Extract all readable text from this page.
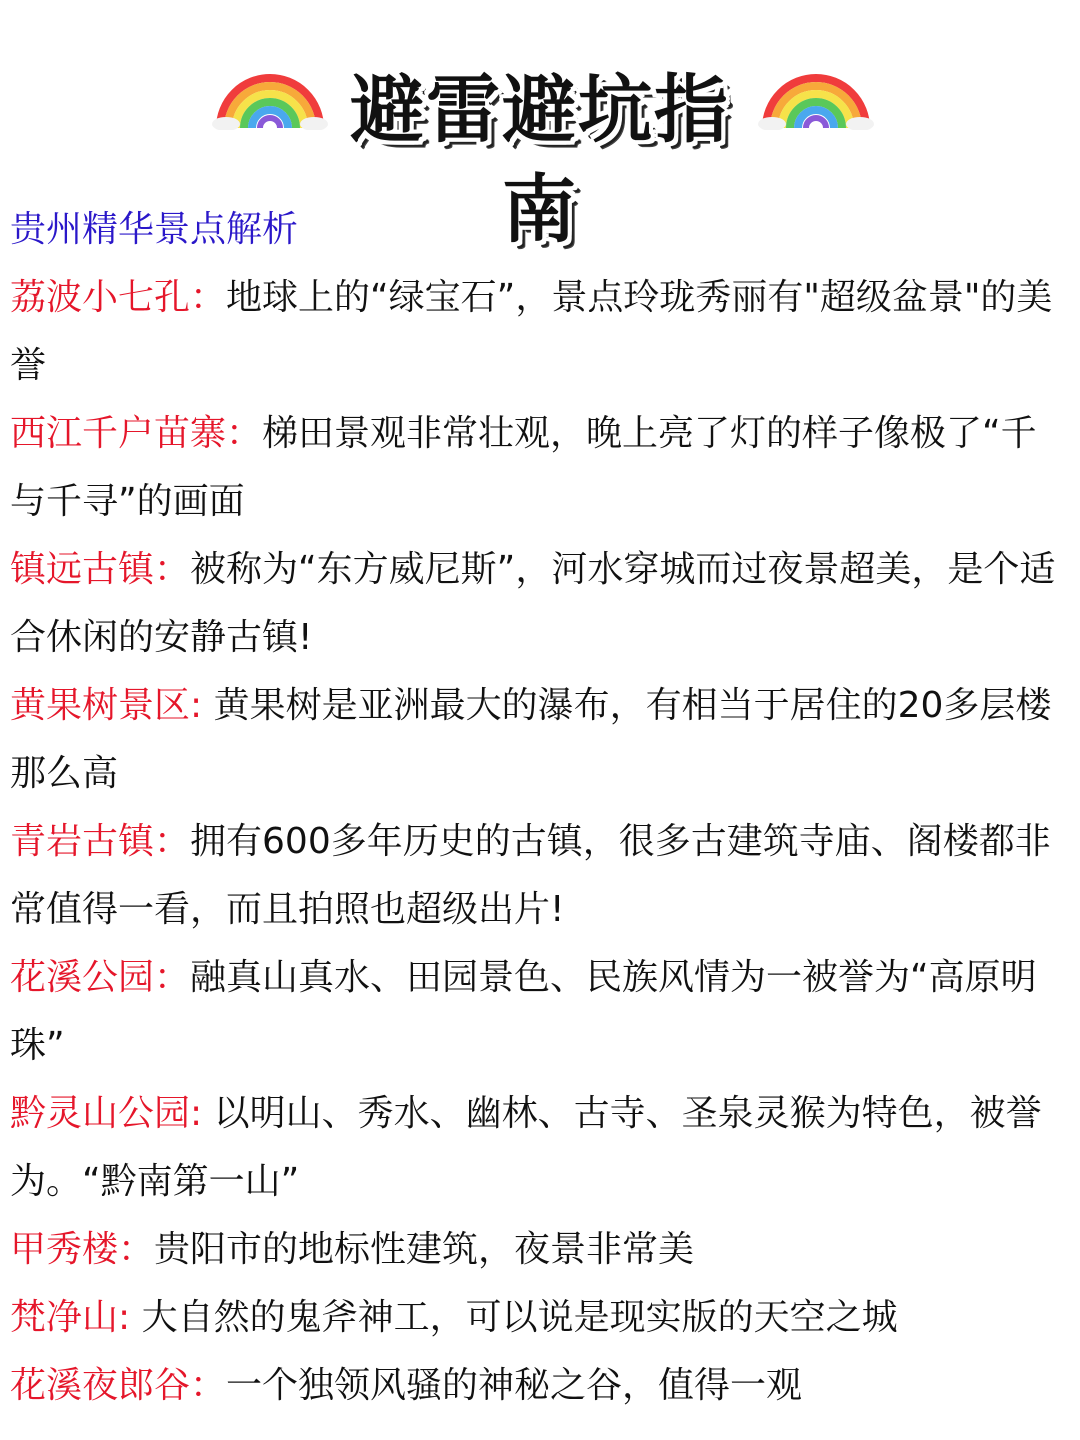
避雷避坑指南

贵州精华景点解析

荔波小七孔：地球上的“绿宝石”，景点玲珑秀丽有"超级盆景"的美誉

西江千户苗寨：梯田景观非常壮观，晚上亮了灯的样子像极了“千与千寻”的画面

镇远古镇：被称为“东方威尼斯”，河水穿城而过夜景超美，是个适合休闲的安静古镇!

黄果树景区: 黄果树是亚洲最大的瀑布，有相当于居住的20多层楼那么高

青岩古镇：拥有600多年历史的古镇，很多古建筑寺庙、阁楼都非常值得一看，而且拍照也超级出片!

花溪公园：融真山真水、田园景色、民族风情为一被誉为“高原明珠”

黔灵山公园: 以明山、秀水、幽林、古寺、圣泉灵猴为特色，被誉为。“黔南第一山”

甲秀楼：贵阳市的地标性建筑，夜景非常美

梵净山: 大自然的鬼斧神工，可以说是现实版的天空之城

花溪夜郎谷：一个独领风骚的神秘之谷，值得一观
